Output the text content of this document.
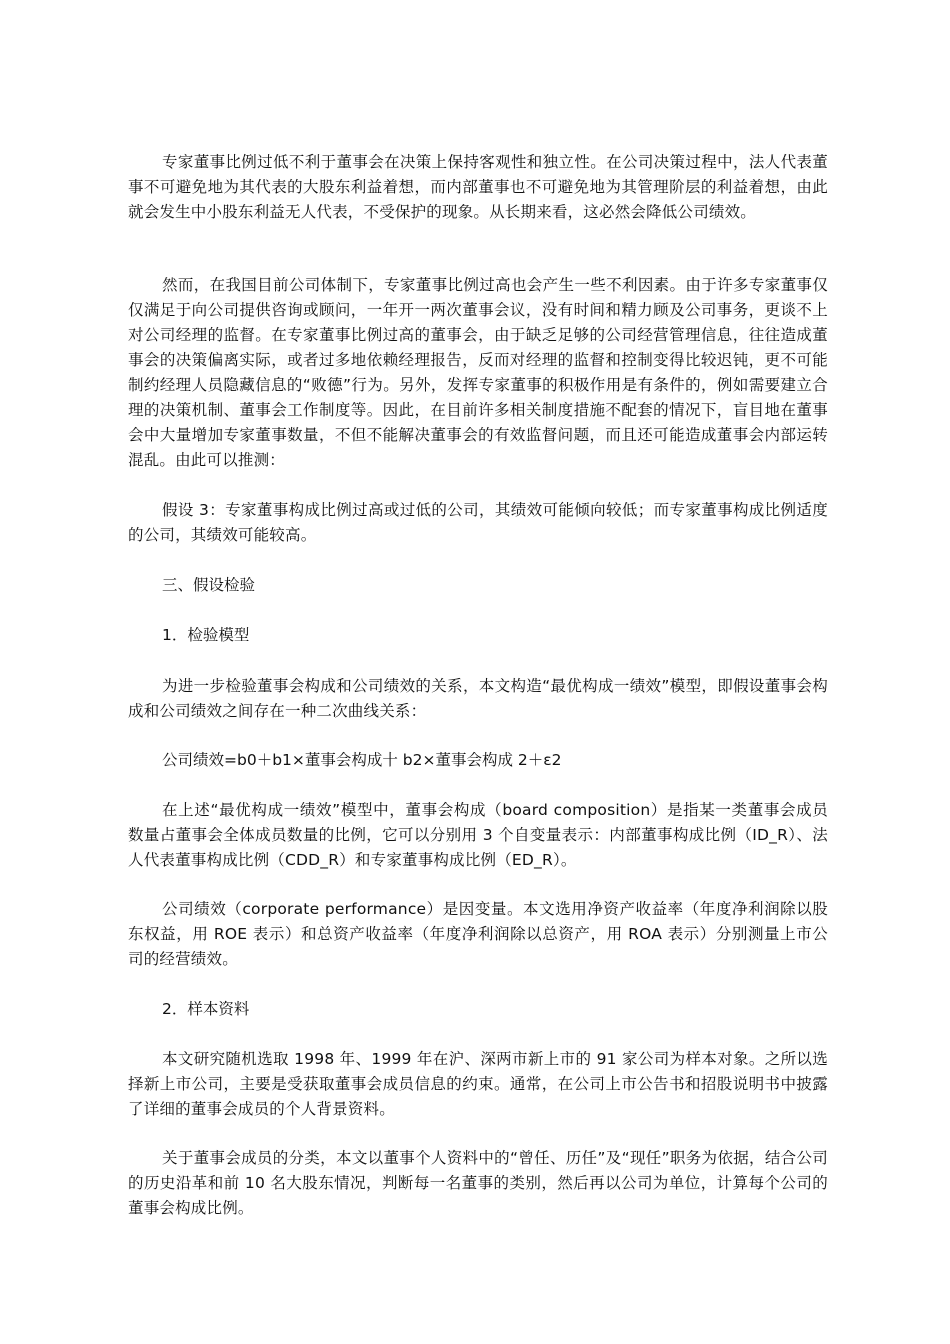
专家董事比例过低不利于董事会在决策上保持客观性和独立性。在公司决策过程中，法人代表董事不可避免地为其代表的大股东利益着想，而内部董事也不可避免地为其管理阶层的利益着想，由此就会发生中小股东利益无人代表，不受保护的现象。从长期来看，这必然会降低公司绩效。

然而，在我国目前公司体制下，专家董事比例过高也会产生一些不利因素。由于许多专家董事仅仅满足于向公司提供咨询或顾问，一年开一两次董事会议，没有时间和精力顾及公司事务，更谈不上对公司经理的监督。在专家董事比例过高的董事会，由于缺乏足够的公司经营管理信息，往往造成董事会的决策偏离实际，或者过多地依赖经理报告，反而对经理的监督和控制变得比较迟钝，更不可能制约经理人员隐藏信息的“败德”行为。另外，发挥专家董事的积极作用是有条件的，例如需要建立合理的决策机制、董事会工作制度等。因此，在目前许多相关制度措施不配套的情况下，盲目地在董事会中大量增加专家董事数量，不但不能解决董事会的有效监督问题，而且还可能造成董事会内部运转混乱。由此可以推测：

假设 3：专家董事构成比例过高或过低的公司，其绩效可能倾向较低；而专家董事构成比例适度的公司，其绩效可能较高。

三、假设检验

1．检验模型

为进一步检验董事会构成和公司绩效的关系，本文构造“最优构成一绩效”模型，即假设董事会构成和公司绩效之间存在一种二次曲线关系：

公司绩效=b0＋b1×董事会构成十 b2×董事会构成 2＋ε2

在上述“最优构成一绩效”模型中，董事会构成（board composition）是指某一类董事会成员数量占董事会全体成员数量的比例，它可以分别用 3 个自变量表示：内部董事构成比例（ID_R）、法人代表董事构成比例（CDD_R）和专家董事构成比例（ED_R）。

公司绩效（corporate performance）是因变量。本文选用净资产收益率（年度净利润除以股东权益，用 ROE 表示）和总资产收益率（年度净利润除以总资产，用 ROA 表示）分别测量上市公司的经营绩效。

2．样本资料

本文研究随机选取 1998 年、1999 年在沪、深两市新上市的 91 家公司为样本对象。之所以选择新上市公司，主要是受获取董事会成员信息的约束。通常，在公司上市公告书和招股说明书中披露了详细的董事会成员的个人背景资料。

关于董事会成员的分类，本文以董事个人资料中的“曾任、历任”及“现任”职务为依据，结合公司的历史沿革和前 10 名大股东情况，判断每一名董事的类别，然后再以公司为单位，计算每个公司的董事会构成比例。
